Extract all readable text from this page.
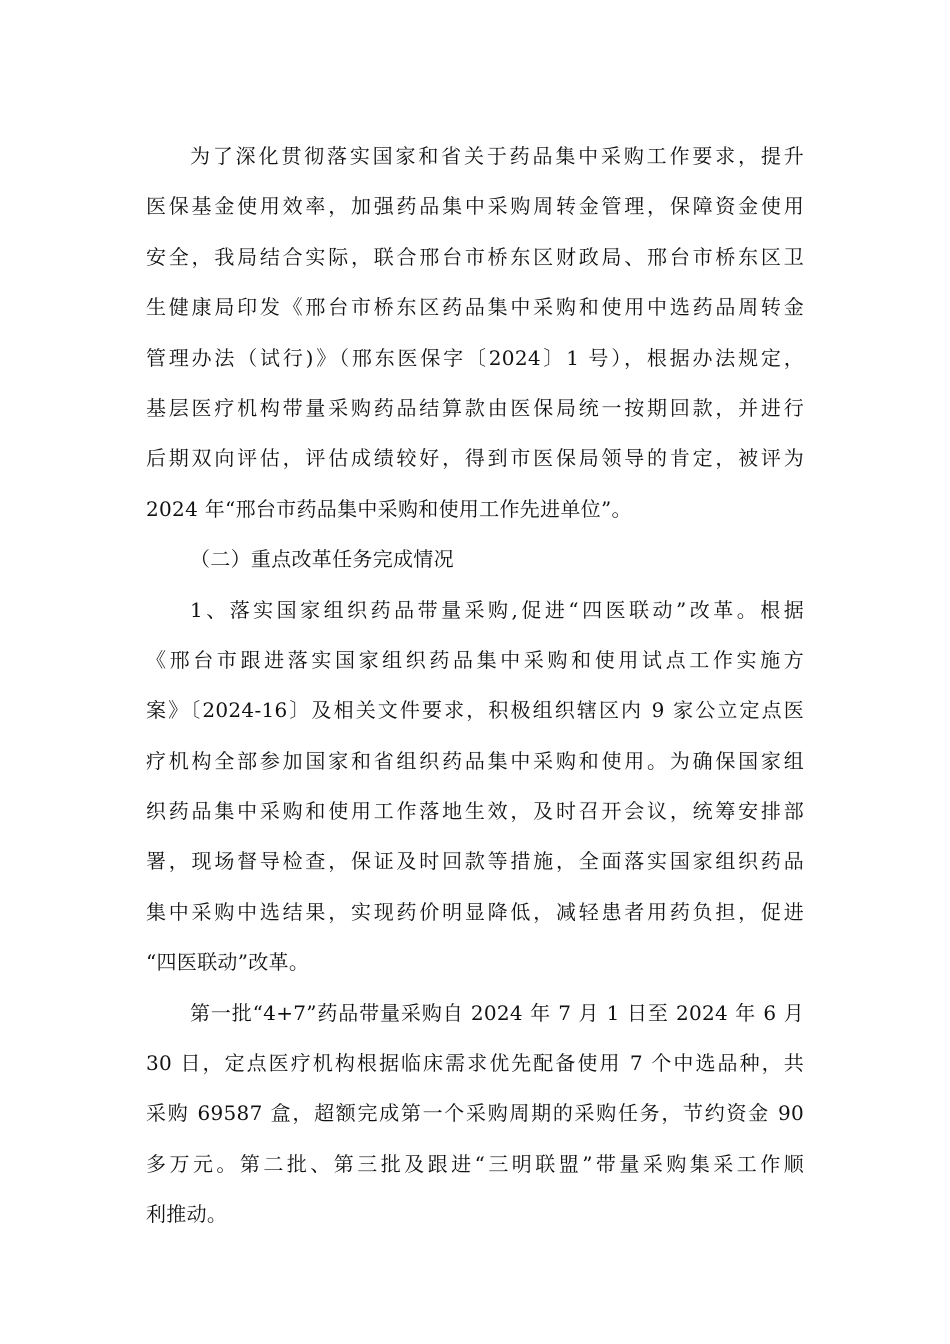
为了深化贯彻落实国家和省关于药品集中采购工作要求，提升
医保基金使用效率，加强药品集中采购周转金管理，保障资金使用
安全，我局结合实际，联合邢台市桥东区财政局、邢台市桥东区卫
生健康局印发《邢台市桥东区药品集中采购和使用中选药品周转金
管理办法（试行)》（邢东医保字〔2024〕1 号），根据办法规定，
基层医疗机构带量采购药品结算款由医保局统一按期回款，并进行
后期双向评估，评估成绩较好，得到市医保局领导的肯定，被评为
2024 年“邢台市药品集中采购和使用工作先进单位”。
（二）重点改革任务完成情况
1、落实国家组织药品带量采购,促进“四医联动”改革。根据
《邢台市跟进落实国家组织药品集中采购和使用试点工作实施方
案》〔2024-16〕及相关文件要求，积极组织辖区内 9 家公立定点医
疗机构全部参加国家和省组织药品集中采购和使用。为确保国家组
织药品集中采购和使用工作落地生效，及时召开会议，统筹安排部
署，现场督导检查，保证及时回款等措施，全面落实国家组织药品
集中采购中选结果，实现药价明显降低，减轻患者用药负担，促进
“四医联动”改革。
第一批“4+7”药品带量采购自 2024 年 7 月 1 日至 2024 年 6 月
30 日，定点医疗机构根据临床需求优先配备使用 7 个中选品种，共
采购 69587 盒，超额完成第一个采购周期的采购任务，节约资金 90
多万元。第二批、第三批及跟进“三明联盟”带量采购集采工作顺
利推动。
